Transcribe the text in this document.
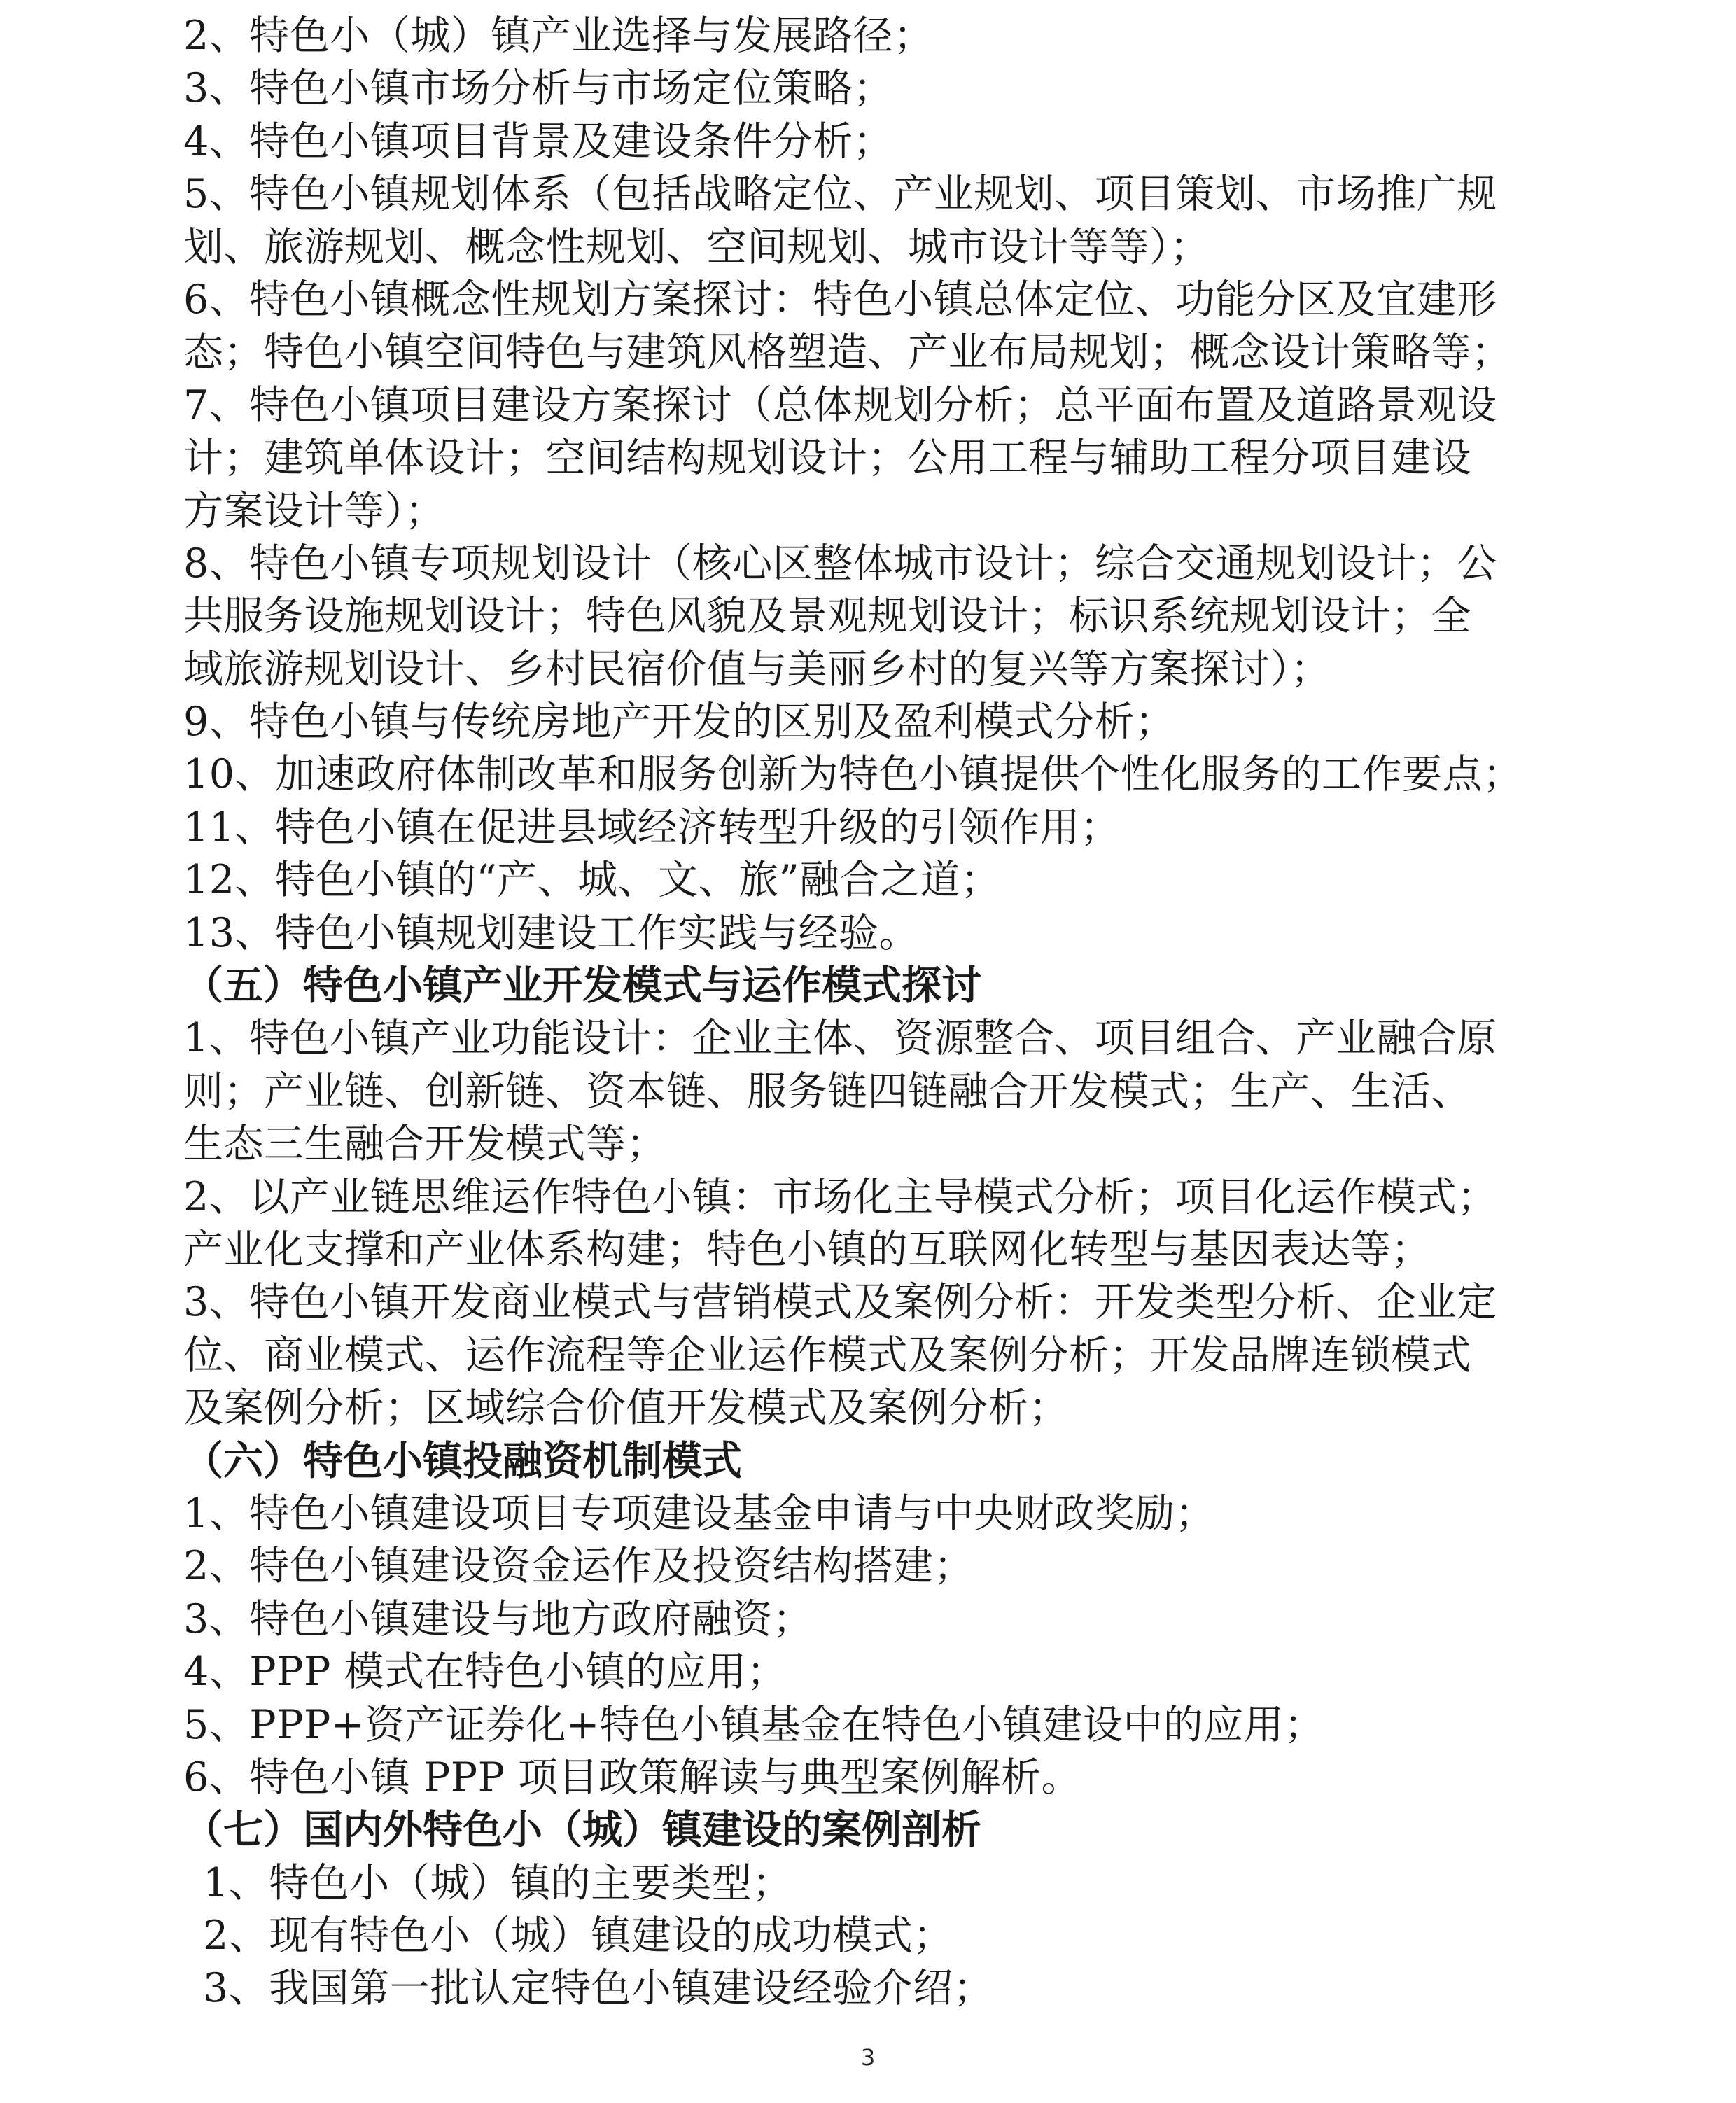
2、特色小（城）镇产业选择与发展路径；
3、特色小镇市场分析与市场定位策略；
4、特色小镇项目背景及建设条件分析；
5、特色小镇规划体系（包括战略定位、产业规划、项目策划、市场推广规
划、旅游规划、概念性规划、空间规划、城市设计等等）；
6、特色小镇概念性规划方案探讨：特色小镇总体定位、功能分区及宜建形
态；特色小镇空间特色与建筑风格塑造、产业布局规划；概念设计策略等；
7、特色小镇项目建设方案探讨（总体规划分析；总平面布置及道路景观设
计；建筑单体设计；空间结构规划设计；公用工程与辅助工程分项目建设
方案设计等）；
8、特色小镇专项规划设计（核心区整体城市设计；综合交通规划设计；公
共服务设施规划设计；特色风貌及景观规划设计；标识系统规划设计；全
域旅游规划设计、乡村民宿价值与美丽乡村的复兴等方案探讨）；
9、特色小镇与传统房地产开发的区别及盈利模式分析；
10、加速政府体制改革和服务创新为特色小镇提供个性化服务的工作要点；
11、特色小镇在促进县域经济转型升级的引领作用；
12、特色小镇的“产、城、文、旅”融合之道；
13、特色小镇规划建设工作实践与经验。
（五）特色小镇产业开发模式与运作模式探讨
1、特色小镇产业功能设计：企业主体、资源整合、项目组合、产业融合原
则；产业链、创新链、资本链、服务链四链融合开发模式；生产、生活、
生态三生融合开发模式等；
2、以产业链思维运作特色小镇：市场化主导模式分析；项目化运作模式；
产业化支撑和产业体系构建；特色小镇的互联网化转型与基因表达等；
3、特色小镇开发商业模式与营销模式及案例分析：开发类型分析、企业定
位、商业模式、运作流程等企业运作模式及案例分析；开发品牌连锁模式
及案例分析；区域综合价值开发模式及案例分析；
（六）特色小镇投融资机制模式
1、特色小镇建设项目专项建设基金申请与中央财政奖励；
2、特色小镇建设资金运作及投资结构搭建；
3、特色小镇建设与地方政府融资；
4、PPP 模式在特色小镇的应用；
5、PPP+资产证券化+特色小镇基金在特色小镇建设中的应用；
6、特色小镇 PPP 项目政策解读与典型案例解析。
（七）国内外特色小（城）镇建设的案例剖析
1、特色小（城）镇的主要类型；
2、现有特色小（城）镇建设的成功模式；
3、我国第一批认定特色小镇建设经验介绍；
3
